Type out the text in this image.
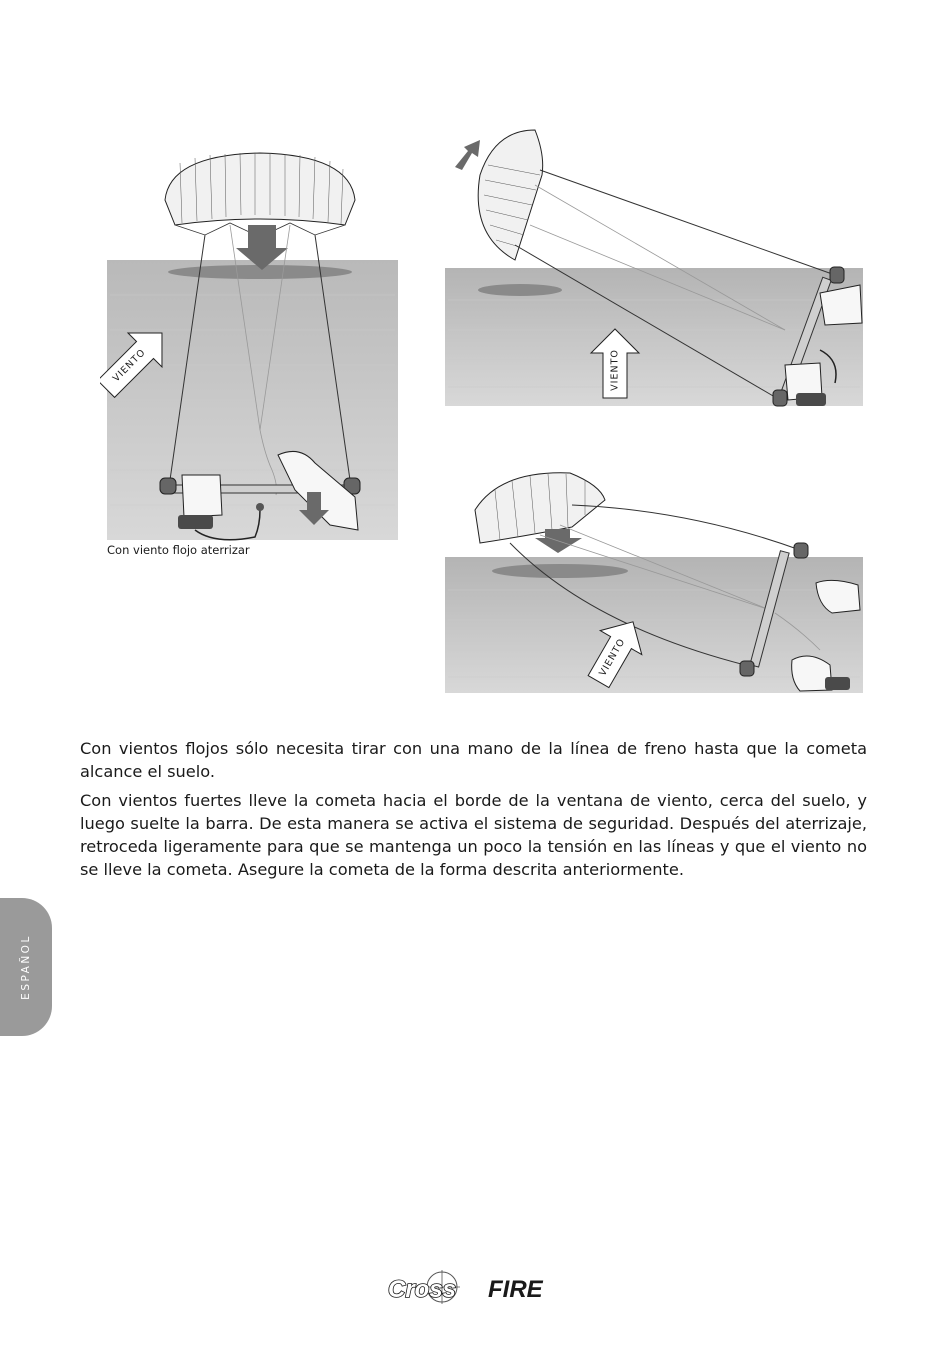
VIENTO
Con viento flojo aterrizar
VIENTO
VIENTO

Con vientos flojos sólo necesita tirar con una mano de la línea de freno hasta que la cometa alcance el suelo.

Con vientos fuertes lleve la cometa hacia el borde de la ventana de viento, cerca del suelo, y luego suelte la barra. De esta manera se activa el sistema de seguridad. Después del aterrizaje, retroceda ligeramente para que se mantenga un poco la tensión en las líneas y que el viento no se lleve la cometa. Asegure la cometa de la forma descrita anteriormente.

ESPAÑOL
Cross FIRE
